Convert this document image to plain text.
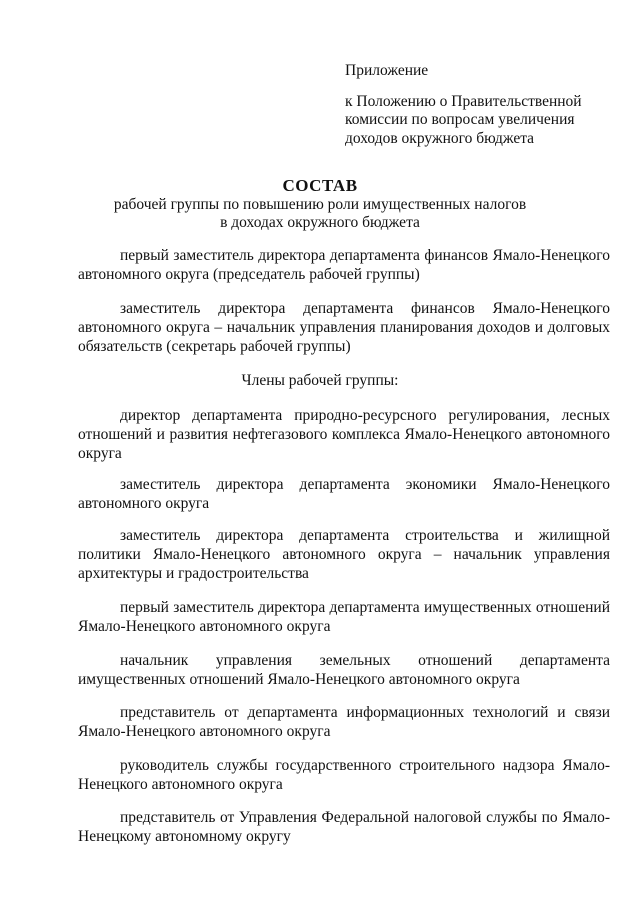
Приложение

к Положению о Правительственной комиссии по вопросам увеличения доходов окружного бюджета

СОСТАВ
рабочей группы по повышению роли имущественных налогов
в доходах окружного бюджета

первый заместитель директора департамента финансов Ямало-Ненецкого автономного округа (председатель рабочей группы)

заместитель директора департамента финансов Ямало-Ненецкого автономного округа – начальник управления планирования доходов и долговых обязательств (секретарь рабочей группы)

Члены рабочей группы:

директор департамента природно-ресурсного регулирования, лесных отношений и развития нефтегазового комплекса Ямало-Ненецкого автономного округа

заместитель директора департамента экономики Ямало-Ненецкого автономного округа

заместитель директора департамента строительства и жилищной политики Ямало-Ненецкого автономного округа – начальник управления архитектуры и градостроительства

первый заместитель директора департамента имущественных отношений Ямало-Ненецкого автономного округа

начальник управления земельных отношений департамента имущественных отношений Ямало-Ненецкого автономного округа

представитель от департамента информационных технологий и связи Ямало-Ненецкого автономного округа

руководитель службы государственного строительного надзора Ямало-Ненецкого автономного округа

представитель от Управления Федеральной налоговой службы по Ямало-Ненецкому автономному округу
